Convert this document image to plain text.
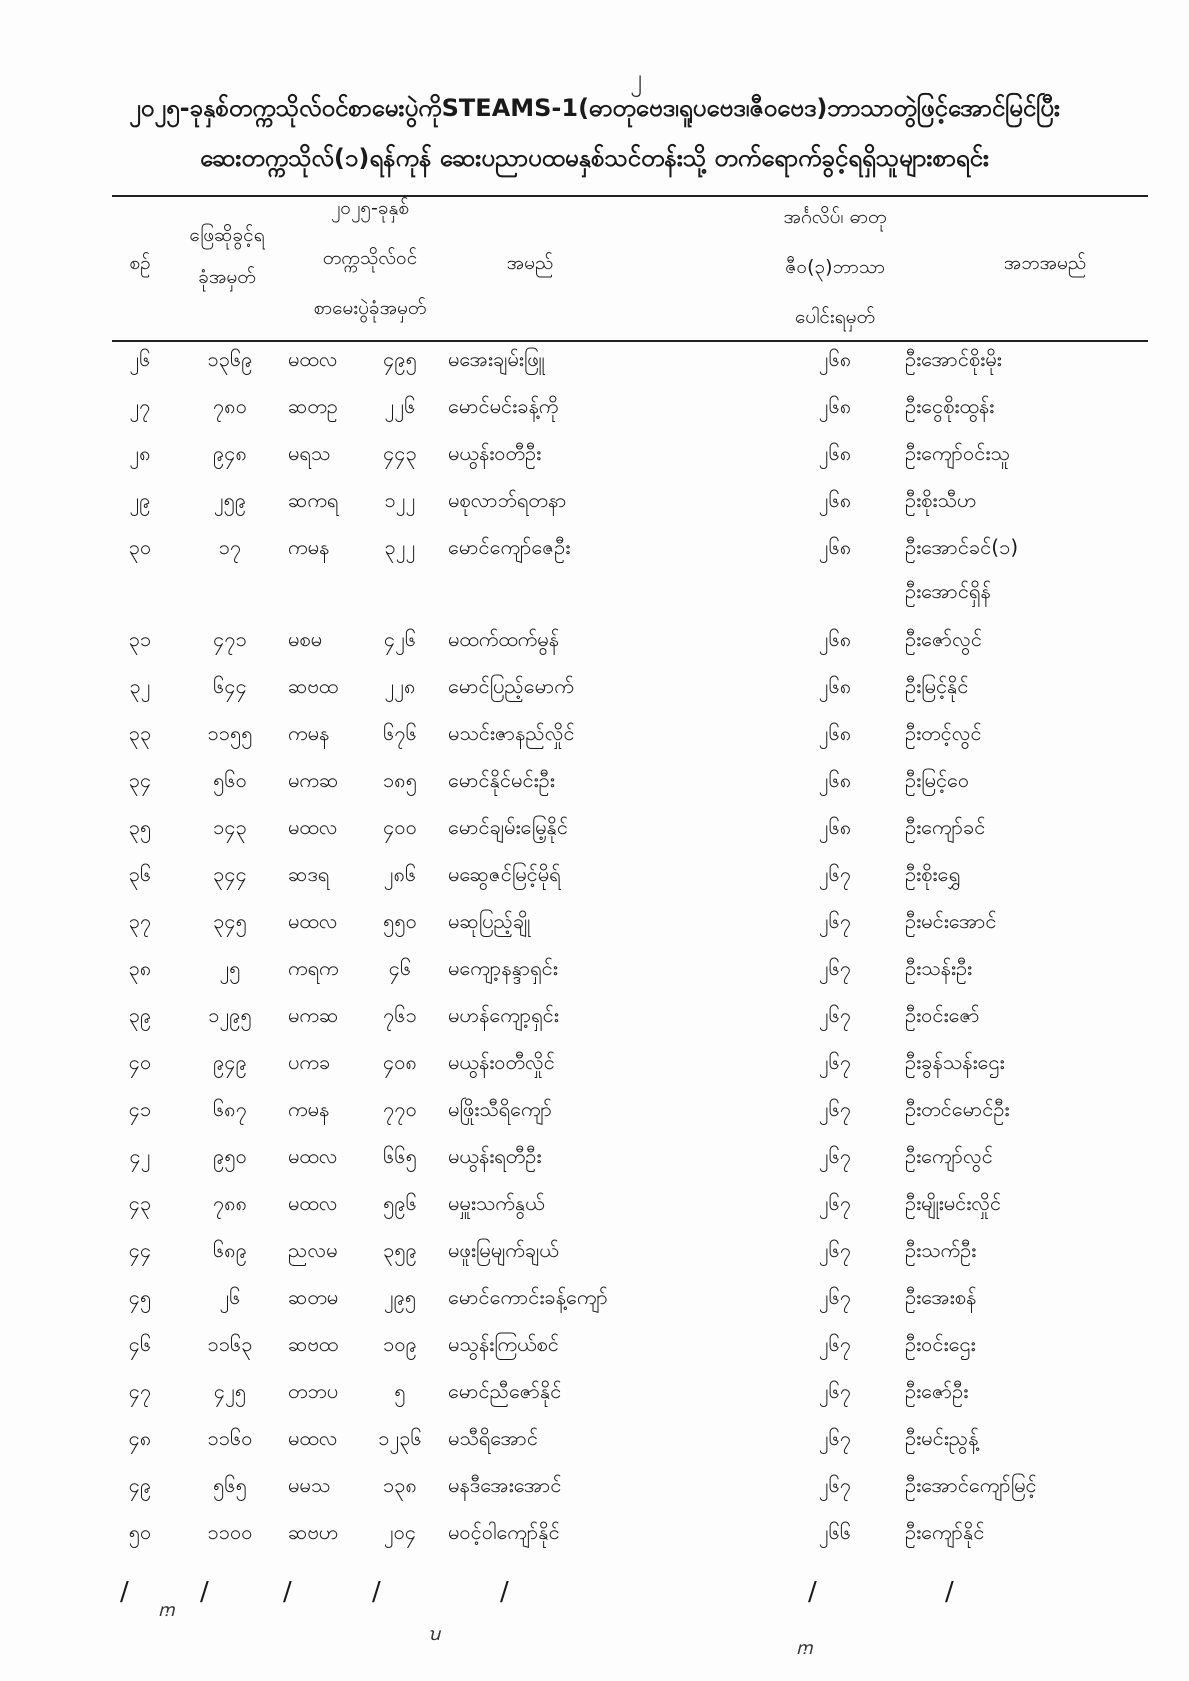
၂
၂၀၂၅-ခုနှစ်တက္ကသိုလ်ဝင်စာမေးပွဲကိုSTEAMS-1(ဓာတုဗေဒ၊ရူပဗေဒ၊ဇီဝဗေဒ)ဘာသာတွဲဖြင့်အောင်မြင်ပြီး
ဆေးတက္ကသိုလ်(၁)ရန်ကုန် ဆေးပညာပထမနှစ်သင်တန်းသို့ တက်ရောက်ခွင့်ရရှိသူများစာရင်း
စဉ်
ဖြေဆိုခွင့်ရ
ခုံအမှတ်
၂၀၂၅-ခုနှစ်
တက္ကသိုလ်ဝင်
စာမေးပွဲခုံအမှတ်
အမည်
အင်္ဂလိပ်၊ ဓာတု
ဇီဝ(၃)ဘာသာ
ပေါင်းရမှတ်
အဘအမည်
၂၆	၁၃၆၉	မထလ	၄၉၅	မအေးချမ်းဖြူ	၂၆၈	ဦးအောင်စိုးမိုး
၂၇	၇၈၀	ဆတဥ	၂၂၆	မောင်မင်းခန့်ကို	၂၆၈	ဦးငွေစိုးထွန်း
၂၈	၉၄၈	မရသ	၄၄၃	မယွန်းဝတီဦး	၂၆၈	ဦးကျော်ဝင်းသူ
၂၉	၂၅၉	ဆကရ	၁၂၂	မစုလာဘ်ရတနာ	၂၆၈	ဦးစိုးသီဟ
၃၀	၁၇	ကမန	၃၂၂	မောင်ကျော်ဇေဦး	၂၆၈	ဦးအောင်ခင်(၁)
ဦးအောင်ရှိန်
၃၁	၄၇၁	မစမ	၄၂၆	မထက်ထက်မွန်	၂၆၈	ဦးဇော်လွင်
၃၂	၆၄၄	ဆဗထ	၂၂၈	မောင်ပြည့်မောက်	၂၆၈	ဦးမြင့်နိုင်
၃၃	၁၁၅၅	ကမန	၆၇၆	မသင်းဇာနည်လှိုင်	၂၆၈	ဦးတင့်လွင်
၃၄	၅၆၀	မကဆ	၁၈၅	မောင်နိုင်မင်းဦး	၂၆၈	ဦးမြင့်ဝေ
၃၅	၁၄၃	မထလ	၄၀၀	မောင်ချမ်းမြေ့နိုင်	၂၆၈	ဦးကျော်ခင်
၃၆	၃၄၄	ဆဒရ	၂၈၆	မဆွေဇင်မြင့်မိုရ်	၂၆၇	ဦးစိုးရွှေ
၃၇	၃၄၅	မထလ	၅၅၀	မဆုပြည့်ချို	၂၆၇	ဦးမင်းအောင်
၃၈	၂၅	ကရက	၄၆	မကျော့နန္ဒာရှင်း	၂၆၇	ဦးသန်းဦး
၃၉	၁၂၉၅	မကဆ	၇၆၁	မဟန်ကျော့ရှင်း	၂၆၇	ဦးဝင်းဇော်
၄၀	၉၄၉	ပကခ	၄၀၈	မယွန်းဝတီလှိုင်	၂၆၇	ဦးခွန်သန်းဌေး
၄၁	၆၈၇	ကမန	၇၇၀	မဖြိုးသီရိကျော်	၂၆၇	ဦးတင်မောင်ဦး
၄၂	၉၅၀	မထလ	၆၆၅	မယွန်းရတီဦး	၂၆၇	ဦးကျော်လွင်
၄၃	၇၈၈	မထလ	၅၉၆	မမှူးသက်နွယ်	၂၆၇	ဦးမျိုးမင်းလှိုင်
၄၄	၆၈၉	ညလမ	၃၅၉	မဖူးမြမျက်ချယ်	၂၆၇	ဦးသက်ဦး
၄၅	၂၆	ဆတမ	၂၉၅	မောင်ကောင်းခန့်ကျော်	၂၆၇	ဦးအေးစန်
၄၆	၁၁၆၃	ဆဗထ	၁၀၉	မသွန်းကြယ်စင်	၂၆၇	ဦးဝင်းဌေး
၄၇	၄၂၅	တဘပ	၅	မောင်ညီဇော်နိုင်	၂၆၇	ဦးဇော်ဦး
၄၈	၁၁၆၀	မထလ	၁၂၃၆	မသီရိအောင်	၂၆၇	ဦးမင်းညွန့်
၄၉	၅၆၅	မမသ	၁၃၈	မနဒီအေးအောင်	၂၆၇	ဦးအောင်ကျော်မြင့်
၅၀	၁၁၀၀	ဆဗဟ	၂၀၄	မဝင့်ဝါကျော်နိုင်	၂၆၆	ဦးကျော်နိုင်
/
ꭑ
/	/	/
ꭒ
/	/
ꭑ
/
